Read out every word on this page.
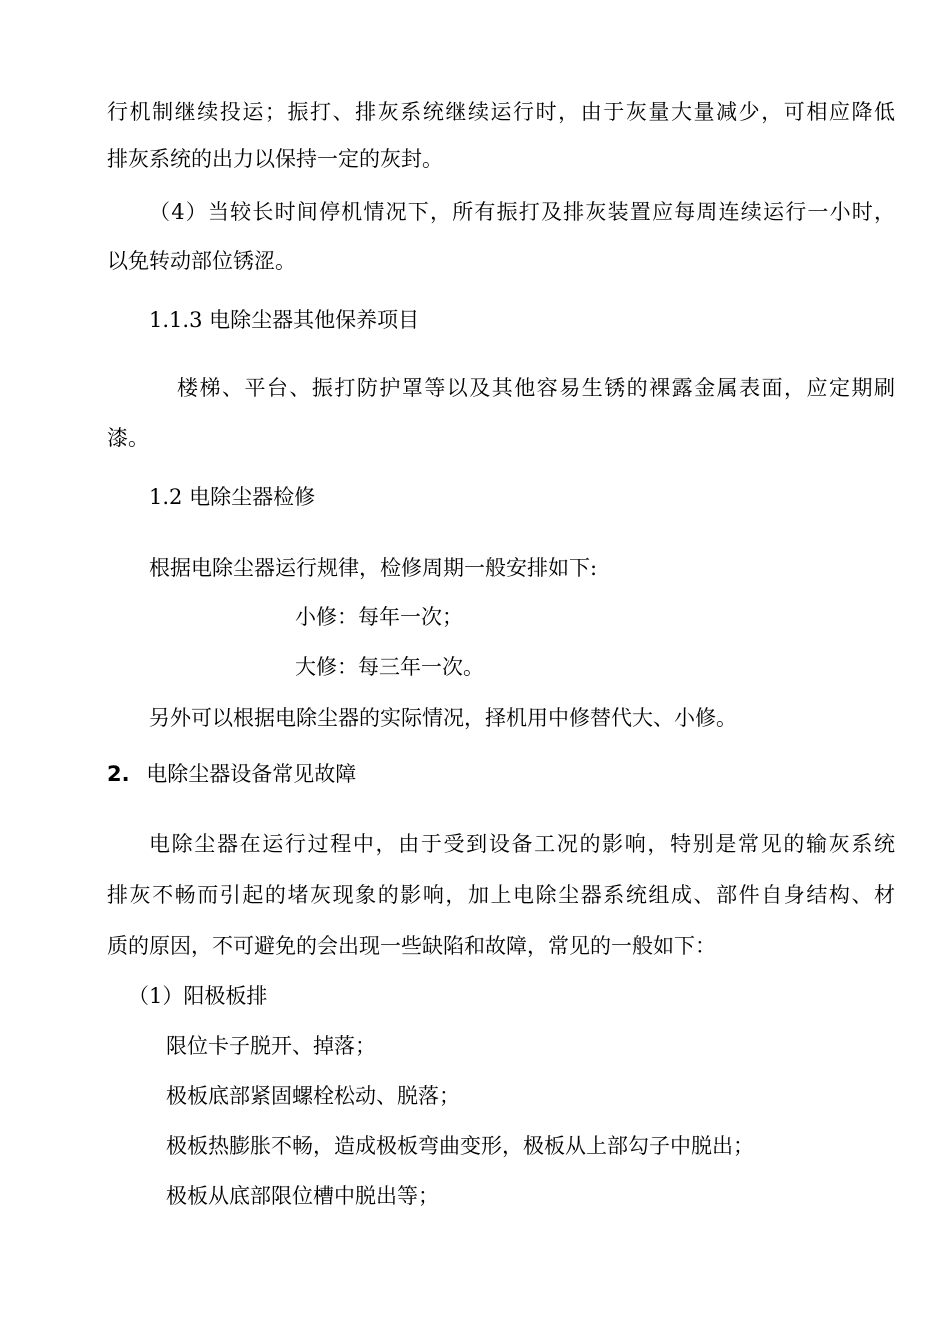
行机制继续投运；振打、排灰系统继续运行时，由于灰量大量减少，可相应降低

排灰系统的出力以保持一定的灰封。

（4）当较长时间停机情况下，所有振打及排灰装置应每周连续运行一小时，

以免转动部位锈涩。

1.1.3 电除尘器其他保养项目

楼梯、平台、振打防护罩等以及其他容易生锈的裸露金属表面，应定期刷

漆。

1.2 电除尘器检修

根据电除尘器运行规律，检修周期一般安排如下:

小修：每年一次；

大修：每三年一次。

另外可以根据电除尘器的实际情况，择机用中修替代大、小修。

2. 电除尘器设备常见故障

电除尘器在运行过程中，由于受到设备工况的影响，特别是常见的输灰系统

排灰不畅而引起的堵灰现象的影响，加上电除尘器系统组成、部件自身结构、材

质的原因，不可避免的会出现一些缺陷和故障，常见的一般如下：

（1）阳极板排

限位卡子脱开、掉落；

极板底部紧固螺栓松动、脱落；

极板热膨胀不畅，造成极板弯曲变形，极板从上部勾子中脱出；

极板从底部限位槽中脱出等；
